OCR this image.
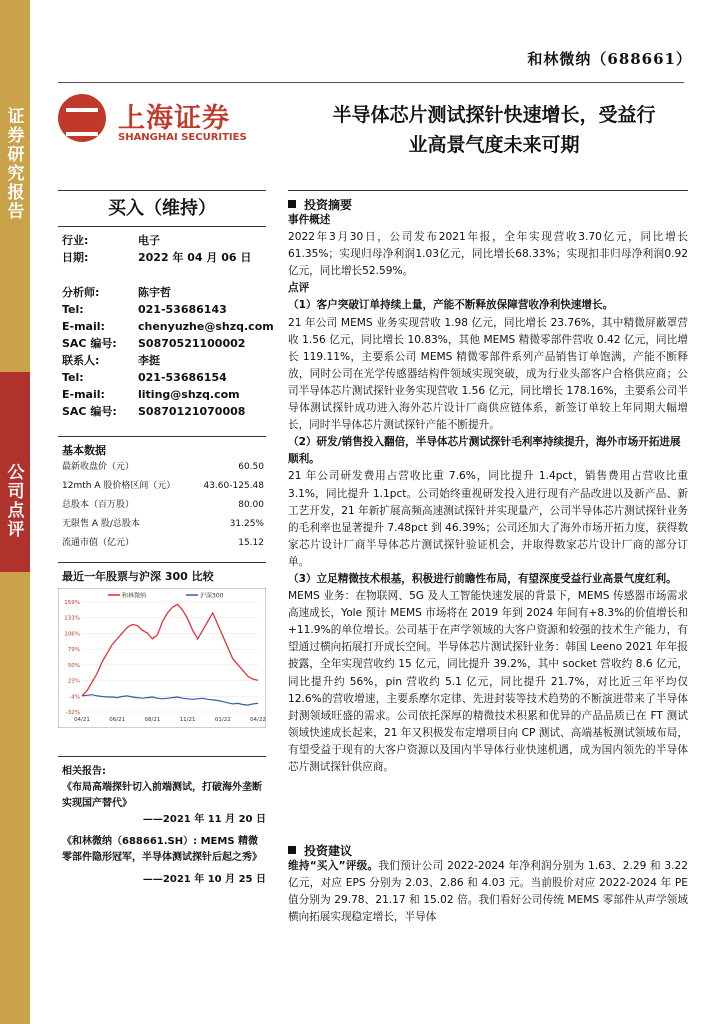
证券研究报告
公司点评
和林微纳（688661）
上海证券
SHANGHAI SECURITIES
半导体芯片测试探针快速增长，受益行
业高景气度未来可期
买入（维持）
行业:	电子
日期:	2022 年 04 月 06 日
分析师:	陈宇哲
Tel:	021-53686143
E-mail:	chenyuzhe@shzq.com
SAC 编号: S0870521100002
联系人:	李挺
Tel:	021-53686154
E-mail:	liting@shzq.com
SAC 编号: S0870121070008
基本数据
最新收盘价（元）	60.50
12mth A 股价格区间（元）	43.60-125.48
总股本（百万股）	80.00
无限售 A 股/总股本	31.25%
流通市值（亿元）	15.12
最近一年股票与沪深 300 比较
159%
133%
106%
79%
50%
23%
-4%
-32%
04/21	06/21	08/21	11/21	01/22	04/22
和林微纳	沪深300
相关报告:
《布局高端探针切入前端测试，打破海外垄断实现国产替代》
——2021 年 11 月 20 日
《和林微纳（688661.SH）: MEMS 精微零部件隐形冠军，半导体测试探针后起之秀》
——2021 年 10 月 25 日
投资摘要
事件概述

2022年3月30日，公司发布2021年报，全年实现营收3.70亿元，同比增长61.35%；实现归母净利润1.03亿元，同比增长68.33%；实现扣非归母净利润0.92亿元，同比增长52.59%。

点评
（1）客户突破订单持续上量，产能不断释放保障营收净利快速增长。

21 年公司 MEMS 业务实现营收 1.98 亿元，同比增长 23.76%，其中精微屏蔽罩营收 1.56 亿元，同比增长 10.83%，其他 MEMS 精微零部件营收 0.42 亿元，同比增长 119.11%，主要系公司 MEMS 精微零部件系列产品销售订单饱满，产能不断释放，同时公司在光学传感器结构件领域实现突破，成为行业头部客户合格供应商；公司半导体芯片测试探针业务实现营收 1.56 亿元，同比增长 178.16%，主要系公司半导体测试探针成功进入海外芯片设计厂商供应链体系，新签订单较上年同期大幅增长，同时半导体芯片测试探针产能不断提升。

（2）研发/销售投入翻倍，半导体芯片测试探针毛利率持续提升，海外市场开拓进展顺利。

21 年公司研发费用占营收比重 7.6%，同比提升 1.4pct，销售费用占营收比重 3.1%，同比提升 1.1pct。公司始终重视研发投入进行现有产品改进以及新产品、新工艺开发，21 年新扩展高频高速测试探针并实现量产，公司半导体芯片测试探针业务的毛利率也显著提升 7.48pct 到 46.39%；公司还加大了海外市场开拓力度，获得数家芯片设计厂商半导体芯片测试探针验证机会，并取得数家芯片设计厂商的部分订单。

（3）立足精微技术根基，积极进行前瞻性布局，有望深度受益行业高景气度红利。

MEMS 业务：在物联网、5G 及人工智能快速发展的背景下，MEMS 传感器市场需求高速成长，Yole 预计 MEMS 市场将在 2019 年到 2024 年间有+8.3%的价值增长和+11.9%的单位增长。公司基于在声学领域的大客户资源和较强的技术生产能力，有望通过横向拓展打开成长空间。半导体芯片测试探针业务：韩国 Leeno 2021 年年报披露，全年实现营收约 15 亿元，同比提升 39.2%，其中 socket 营收约 8.6 亿元，同比提升约 56%，pin 营收约 5.1 亿元，同比提升 21.7%，对比近三年平均仅 12.6%的营收增速，主要系摩尔定律、先进封装等技术趋势的不断演进带来了半导体封测领域旺盛的需求。公司依托深厚的精微技术积累和优异的产品品质已在 FT 测试领域快速成长起来，21 年又积极发布定增项目向 CP 测试、高端基板测试领域布局，有望受益于现有的大客户资源以及国内半导体行业快速机遇，成为国内领先的半导体芯片测试探针供应商。

投资建议

维持“买入”评级。我们预计公司 2022-2024 年净利润分别为 1.63、2.29 和 3.22 亿元，对应 EPS 分别为 2.03、2.86 和 4.03 元。当前股价对应 2022-2024 年 PE 值分别为 29.78、21.17 和 15.02 倍。我们看好公司传统 MEMS 零部件从声学领域横向拓展实现稳定增长，半导体
